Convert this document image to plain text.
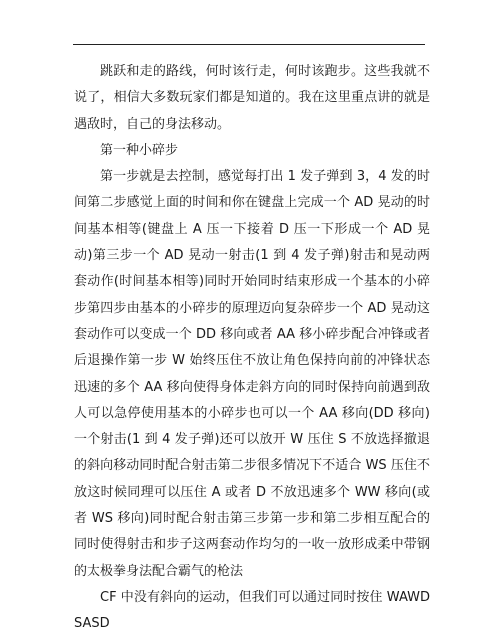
跳跃和走的路线，何时该行走，何时该跑步。这些我就不说了，相信大多数玩家们都是知道的。我在这里重点讲的就是遇敌时，自己的身法移动。

第一种小碎步

第一步就是去控制，感觉每打出 1 发子弹到 3，4 发的时间第二步感觉上面的时间和你在键盘上完成一个 AD 晃动的时间基本相等(键盘上 A 压一下接着 D 压一下形成一个 AD 晃动)第三步一个 AD 晃动一射击(1 到 4 发子弹)射击和晃动两套动作(时间基本相等)同时开始同时结束形成一个基本的小碎步第四步由基本的小碎步的原理迈向复杂碎步一个 AD 晃动这套动作可以变成一个 DD 移向或者 AA 移小碎步配合冲锋或者后退操作第一步 W 始终压住不放让角色保持向前的冲锋状态迅速的多个 AA 移向使得身体走斜方向的同时保持向前遇到敌人可以急停使用基本的小碎步也可以一个 AA 移向(DD 移向)一个射击(1 到 4 发子弹)还可以放开 W 压住 S 不放选择撤退的斜向移动同时配合射击第二步很多情况下不适合 WS 压住不放这时候同理可以压住 A 或者 D 不放迅速多个 WW 移向(或者 WS 移向)同时配合射击第三步第一步和第二步相互配合的同时使得射击和步子这两套动作均匀的一收一放形成柔中带钢的太极拳身法配合霸气的枪法

CF 中没有斜向的运动，但我们可以通过同时按住 WAWDSASD
